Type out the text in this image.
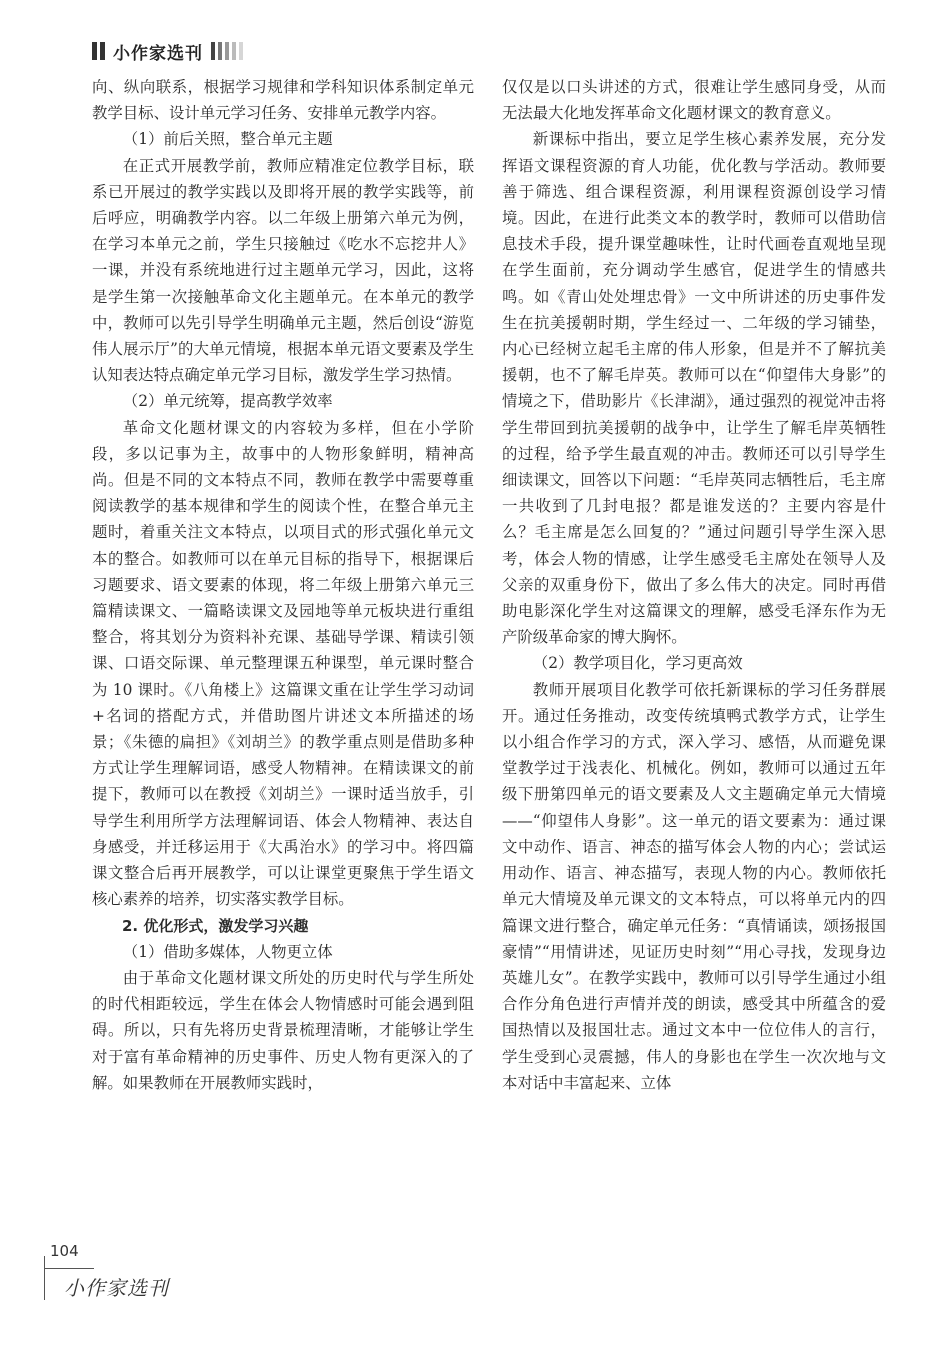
小作家选刊

向、纵向联系，根据学习规律和学科知识体系制定单元教学目标、设计单元学习任务、安排单元教学内容。

（1）前后关照，整合单元主题

在正式开展教学前，教师应精准定位教学目标，联系已开展过的教学实践以及即将开展的教学实践等，前后呼应，明确教学内容。以二年级上册第六单元为例，在学习本单元之前，学生只接触过《吃水不忘挖井人》一课，并没有系统地进行过主题单元学习，因此，这将是学生第一次接触革命文化主题单元。在本单元的教学中，教师可以先引导学生明确单元主题，然后创设“游览伟人展示厅”的大单元情境，根据本单元语文要素及学生认知表达特点确定单元学习目标，激发学生学习热情。

（2）单元统筹，提高教学效率

革命文化题材课文的内容较为多样，但在小学阶段，多以记事为主，故事中的人物形象鲜明，精神高尚。但是不同的文本特点不同，教师在教学中需要尊重阅读教学的基本规律和学生的阅读个性，在整合单元主题时，着重关注文本特点，以项目式的形式强化单元文本的整合。如教师可以在单元目标的指导下，根据课后习题要求、语文要素的体现，将二年级上册第六单元三篇精读课文、一篇略读课文及园地等单元板块进行重组整合，将其划分为资料补充课、基础导学课、精读引领课、口语交际课、单元整理课五种课型，单元课时整合为 10 课时。《八角楼上》这篇课文重在让学生学习动词+名词的搭配方式，并借助图片讲述文本所描述的场景；《朱德的扁担》《刘胡兰》的教学重点则是借助多种方式让学生理解词语，感受人物精神。在精读课文的前提下，教师可以在教授《刘胡兰》一课时适当放手，引导学生利用所学方法理解词语、体会人物精神、表达自身感受，并迁移运用于《大禹治水》的学习中。将四篇课文整合后再开展教学，可以让课堂更聚焦于学生语文核心素养的培养，切实落实教学目标。

2. 优化形式，激发学习兴趣

（1）借助多媒体，人物更立体

由于革命文化题材课文所处的历史时代与学生所处的时代相距较远，学生在体会人物情感时可能会遇到阻碍。所以，只有先将历史背景梳理清晰，才能够让学生对于富有革命精神的历史事件、历史人物有更深入的了解。如果教师在开展教师实践时，

仅仅是以口头讲述的方式，很难让学生感同身受，从而无法最大化地发挥革命文化题材课文的教育意义。

新课标中指出，要立足学生核心素养发展，充分发挥语文课程资源的育人功能，优化教与学活动。教师要善于筛选、组合课程资源，利用课程资源创设学习情境。因此，在进行此类文本的教学时，教师可以借助信息技术手段，提升课堂趣味性，让时代画卷直观地呈现在学生面前，充分调动学生感官，促进学生的情感共鸣。如《青山处处埋忠骨》一文中所讲述的历史事件发生在抗美援朝时期，学生经过一、二年级的学习铺垫，内心已经树立起毛主席的伟人形象，但是并不了解抗美援朝，也不了解毛岸英。教师可以在“仰望伟大身影”的情境之下，借助影片《长津湖》，通过强烈的视觉冲击将学生带回到抗美援朝的战争中，让学生了解毛岸英牺牲的过程，给予学生最直观的冲击。教师还可以引导学生细读课文，回答以下问题：“毛岸英同志牺牲后，毛主席一共收到了几封电报？都是谁发送的？主要内容是什么？毛主席是怎么回复的？”通过问题引导学生深入思考，体会人物的情感，让学生感受毛主席处在领导人及父亲的双重身份下，做出了多么伟大的决定。同时再借助电影深化学生对这篇课文的理解，感受毛泽东作为无产阶级革命家的博大胸怀。

（2）教学项目化，学习更高效

教师开展项目化教学可依托新课标的学习任务群展开。通过任务推动，改变传统填鸭式教学方式，让学生以小组合作学习的方式，深入学习、感悟，从而避免课堂教学过于浅表化、机械化。例如，教师可以通过五年级下册第四单元的语文要素及人文主题确定单元大情境——“仰望伟人身影”。这一单元的语文要素为：通过课文中动作、语言、神态的描写体会人物的内心；尝试运用动作、语言、神态描写，表现人物的内心。教师依托单元大情境及单元课文的文本特点，可以将单元内的四篇课文进行整合，确定单元任务：“真情诵读，颂扬报国豪情”“用情讲述，见证历史时刻”“用心寻找，发现身边英雄儿女”。在教学实践中，教师可以引导学生通过小组合作分角色进行声情并茂的朗读，感受其中所蕴含的爱国热情以及报国壮志。通过文本中一位位伟人的言行，学生受到心灵震撼，伟人的身影也在学生一次次地与文本对话中丰富起来、立体

104
小作家选刊
